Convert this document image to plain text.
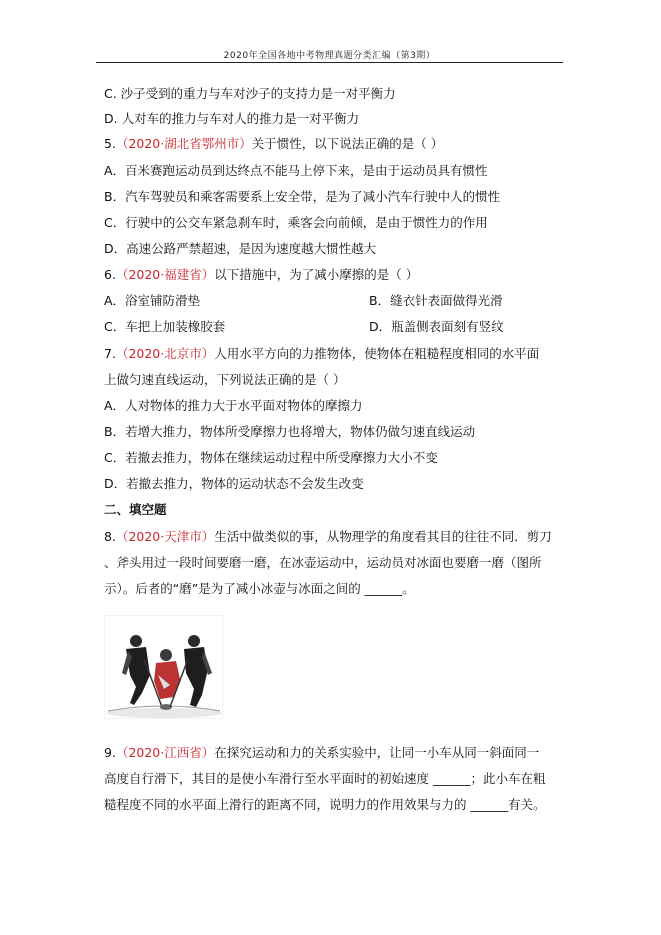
2020年全国各地中考物理真题分类汇编（第3期）
C. 沙子受到的重力与车对沙子的支持力是一对平衡力
D. 人对车的推力与车对人的推力是一对平衡力
5.（2020·湖北省鄂州市）关于惯性，以下说法正确的是（ ）
A．百米赛跑运动员到达终点不能马上停下来，是由于运动员具有惯性
B．汽车驾驶员和乘客需要系上安全带，是为了减小汽车行驶中人的惯性
C．行驶中的公交车紧急刹车时，乘客会向前倾，是由于惯性力的作用
D．高速公路严禁超速，是因为速度越大惯性越大
6.（2020·福建省）以下措施中，为了减小摩擦的是（ ）
A．浴室铺防滑垫	B．缝衣针表面做得光滑
C．车把上加装橡胶套	D．瓶盖侧表面刻有竖纹
7.（2020·北京市）人用水平方向的力推物体，使物体在粗糙程度相同的水平面
上做匀速直线运动，下列说法正确的是（ ）
A．人对物体的推力大于水平面对物体的摩擦力
B．若增大推力，物体所受摩擦力也将增大，物体仍做匀速直线运动
C．若撤去推力，物体在继续运动过程中所受摩擦力大小不变
D．若撤去推力，物体的运动状态不会发生改变
二、填空题
8.（2020·天津市）生活中做类似的事，从物理学的角度看其目的往往不同．剪刀
、斧头用过一段时间要磨一磨，在冰壶运动中，运动员对冰面也要磨一磨（图所
示）。后者的“磨”是为了减小冰壶与冰面之间的 ______。
9.（2020·江西省）在探究运动和力的关系实验中，让同一小车从同一斜面同一
高度自行滑下，其目的是使小车滑行至水平面时的初始速度 ______；此小车在粗
糙程度不同的水平面上滑行的距离不同，说明力的作用效果与力的 ______有关。
